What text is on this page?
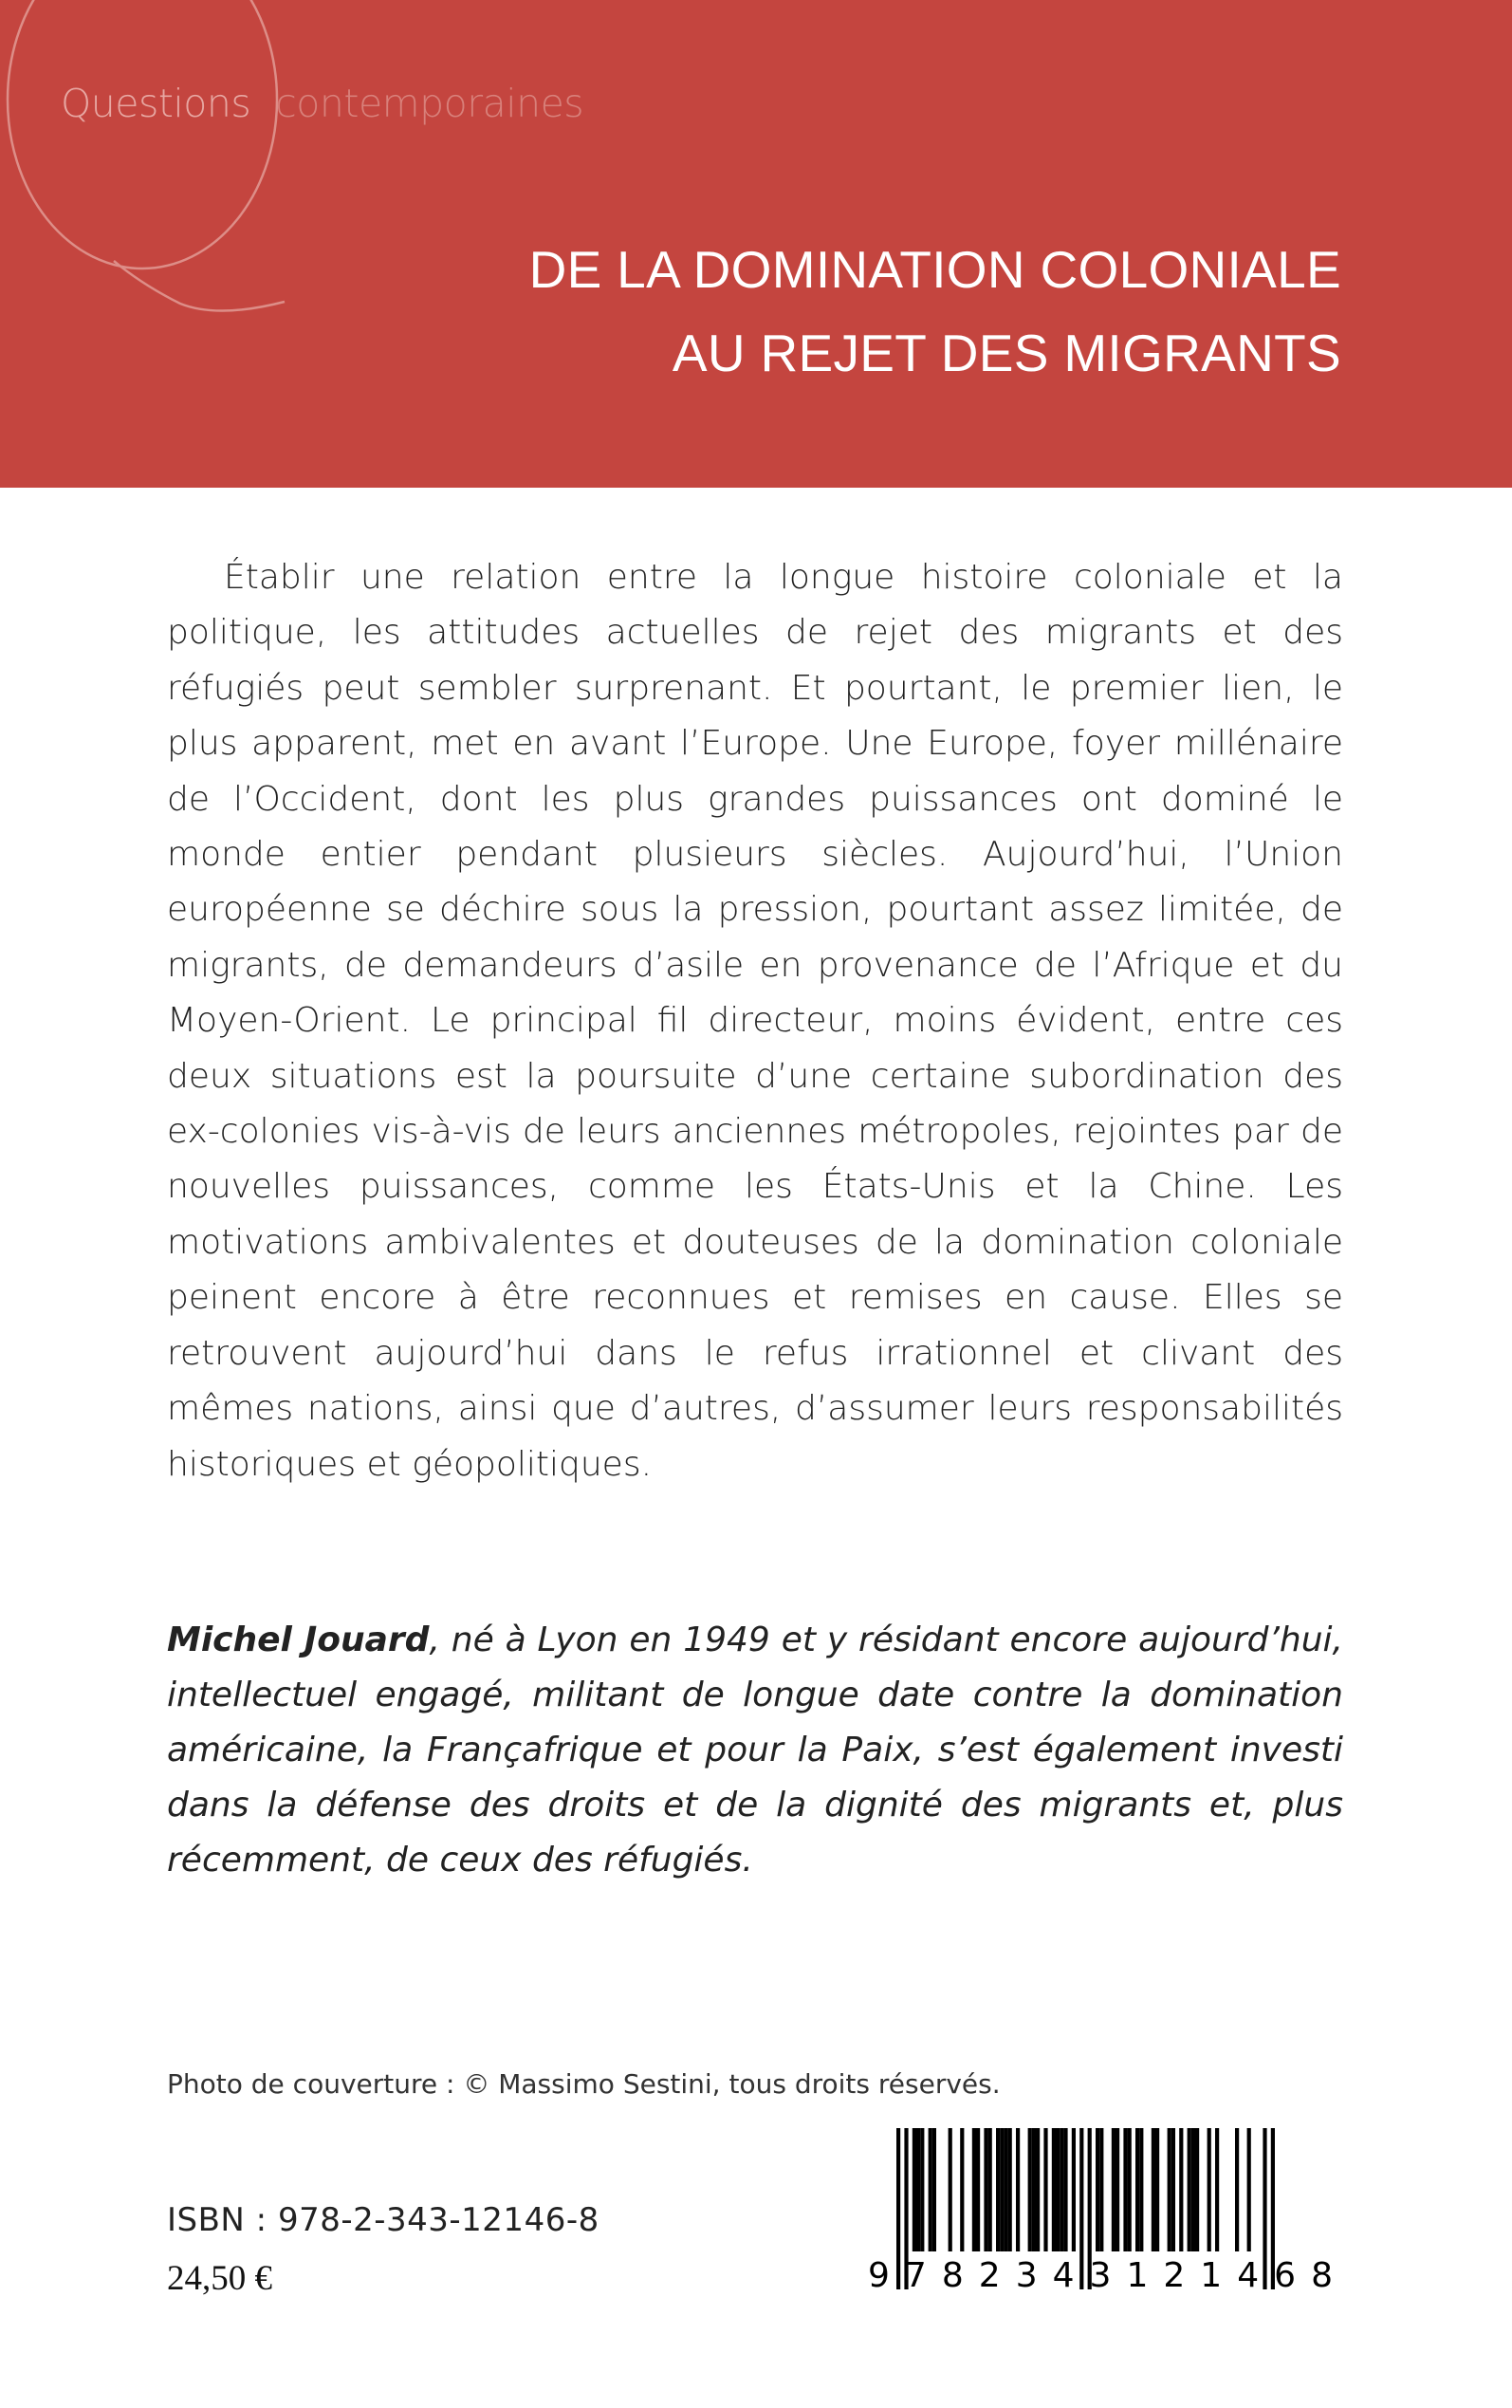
Questions contemporaines
DE LA DOMINATION COLONIALE
AU REJET DES MIGRANTS

Établir une relation entre la longue histoire coloniale et la politique, les attitudes actuelles de rejet des migrants et des réfugiés peut sembler surprenant. Et pourtant, le premier lien, le plus apparent, met en avant l’Europe. Une Europe, foyer millénaire de l’Occident, dont les plus grandes puissances ont dominé le monde entier pendant plusieurs siècles. Aujourd’hui, l’Union européenne se déchire sous la pression, pourtant assez limitée, de migrants, de demandeurs d’asile en provenance de l’Afrique et du Moyen-Orient. Le principal fil directeur, moins évident, entre ces deux situations est la poursuite d’une certaine subordination des ex-colonies vis-à-vis de leurs anciennes métropoles, rejointes par de nouvelles puissances, comme les États-Unis et la Chine. Les motivations ambivalentes et douteuses de la domination coloniale peinent encore à être reconnues et remises en cause. Elles se retrouvent aujourd’hui dans le refus irrationnel et clivant des mêmes nations, ainsi que d’autres, d’assumer leurs responsabilités historiques et géopolitiques.

Michel Jouard, né à Lyon en 1949 et y résidant encore aujourd’hui, intellectuel engagé, militant de longue date contre la domination américaine, la Françafrique et pour la Paix, s’est également investi dans la défense des droits et de la dignité des migrants et, plus récemment, de ceux des réfugiés.

Photo de couverture : © Massimo Sestini, tous droits réservés.
ISBN : 978-2-343-12146-8
24,50 €	9 7 8 2 3 4 3 1 2 1 4 6 8
